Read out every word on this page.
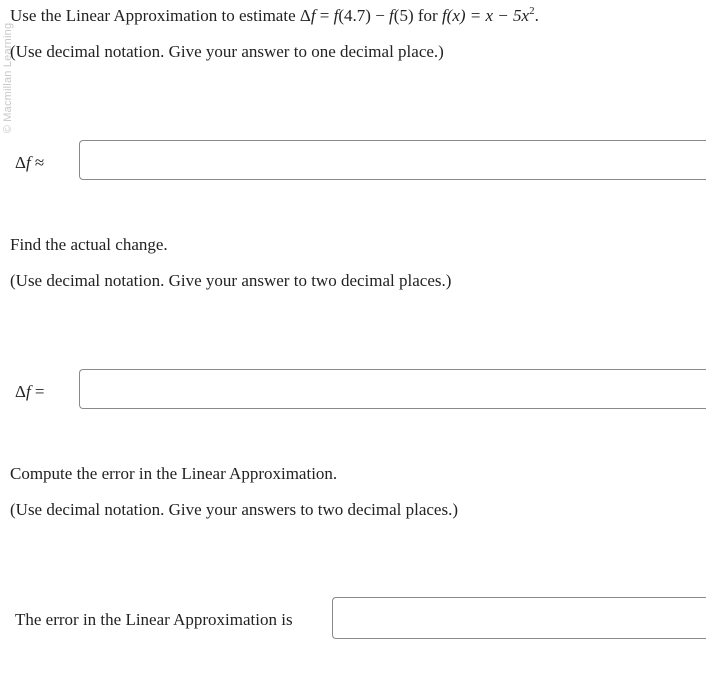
© Macmillan Learning
Use the Linear Approximation to estimate Δf = f(4.7) − f(5) for $f(x) = x - 5x^2$.
(Use decimal notation. Give your answer to one decimal place.)
Δf ≈
Find the actual change.
(Use decimal notation. Give your answer to two decimal places.)
Δf =
Compute the error in the Linear Approximation.
(Use decimal notation. Give your answers to two decimal places.)
The error in the Linear Approximation is
